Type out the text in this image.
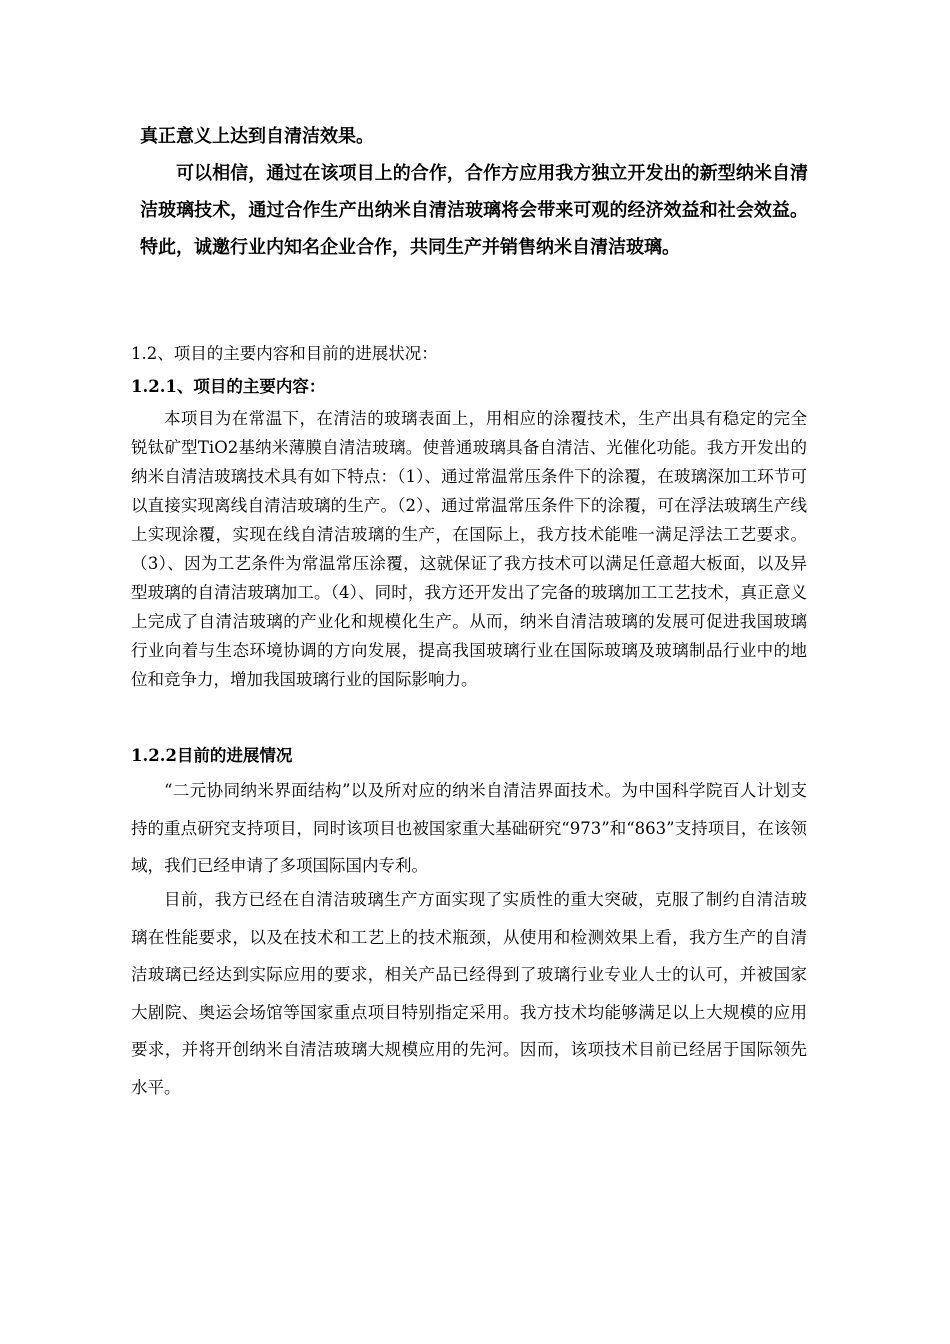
真正意义上达到自清洁效果。

可以相信，通过在该项目上的合作，合作方应用我方独立开发出的新型纳米自清洁玻璃技术，通过合作生产出纳米自清洁玻璃将会带来可观的经济效益和社会效益。特此，诚邀行业内知名企业合作，共同生产并销售纳米自清洁玻璃。

1.2、项目的主要内容和目前的进展状况：

1.2.1、项目的主要内容：

本项目为在常温下，在清洁的玻璃表面上，用相应的涂覆技术，生产出具有稳定的完全锐钛矿型TiO2基纳米薄膜自清洁玻璃。使普通玻璃具备自清洁、光催化功能。我方开发出的纳米自清洁玻璃技术具有如下特点：（1）、通过常温常压条件下的涂覆，在玻璃深加工环节可以直接实现离线自清洁玻璃的生产。（2）、通过常温常压条件下的涂覆，可在浮法玻璃生产线上实现涂覆，实现在线自清洁玻璃的生产，在国际上，我方技术能唯一满足浮法工艺要求。（3）、因为工艺条件为常温常压涂覆，这就保证了我方技术可以满足任意超大板面，以及异型玻璃的自清洁玻璃加工。（4）、同时，我方还开发出了完备的玻璃加工工艺技术，真正意义上完成了自清洁玻璃的产业化和规模化生产。从而，纳米自清洁玻璃的发展可促进我国玻璃行业向着与生态环境协调的方向发展，提高我国玻璃行业在国际玻璃及玻璃制品行业中的地位和竞争力，增加我国玻璃行业的国际影响力。

1.2.2目前的进展情况

“二元协同纳米界面结构”以及所对应的纳米自清洁界面技术。为中国科学院百人计划支持的重点研究支持项目，同时该项目也被国家重大基础研究“973”和“863”支持项目，在该领域，我们已经申请了多项国际国内专利。

目前，我方已经在自清洁玻璃生产方面实现了实质性的重大突破，克服了制约自清洁玻璃在性能要求，以及在技术和工艺上的技术瓶颈，从使用和检测效果上看，我方生产的自清洁玻璃已经达到实际应用的要求，相关产品已经得到了玻璃行业专业人士的认可，并被国家大剧院、奥运会场馆等国家重点项目特别指定采用。我方技术均能够满足以上大规模的应用要求，并将开创纳米自清洁玻璃大规模应用的先河。因而，该项技术目前已经居于国际领先水平。
